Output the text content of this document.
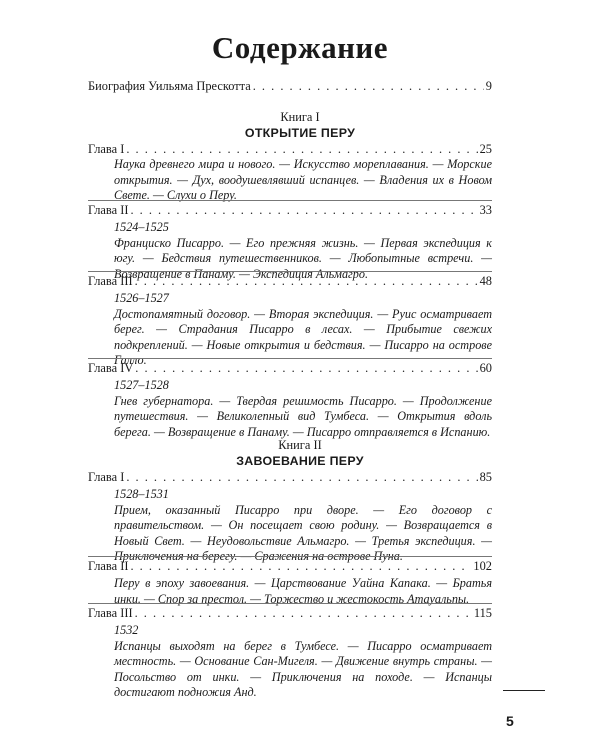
Содержание
Биография Уильяма Прескотта . . .	9
Книга I
ОТКРЫТИЕ ПЕРУ
Глава I . . .	25
Наука древнего мира и нового. — Искусство мореплавания. — Морские открытия. — Дух, воодушевлявший испанцев. — Владения их в Новом Свете. — Слухи о Перу.
Глава II . . .	33
1524–1525
Франциско Писарро. — Его прежняя жизнь. — Первая экспедиция к югу. — Бедствия путешественников. — Любопытные встречи. — Возвращение в Панаму. — Экспедиция Альмагро.
Глава III . . .	48
1526–1527
Достопамятный договор. — Вторая экспедиция. — Руис осматривает берег. — Страдания Писарро в лесах. — Прибытие свежих подкреплений. — Новые открытия и бедствия. — Писарро на острове Галло.
Глава IV . . .	60
1527–1528
Гнев губернатора. — Твердая решимость Писарро. — Продолжение путешествия. — Великолепный вид Тумбеса. — Открытия вдоль берега. — Возвращение в Панаму. — Писарро отправляется в Испанию.
Книга II
ЗАВОЕВАНИЕ ПЕРУ
Глава I . . .	85
1528–1531
Прием, оказанный Писарро при дворе. — Его договор с правительством. — Он посещает свою родину. — Возвращается в Новый Свет. — Неудовольствие Альмагро. — Третья экспедиция. — Приключения на берегу. — Сражения на острове Пуна.
Глава II . . .	102
Перу в эпоху завоевания. — Царствование Уайна Капака. — Братья инки. — Спор за престол. — Торжество и жестокость Атауальпы.
Глава III . . .	115
1532
Испанцы выходят на берег в Тумбесе. — Писарро осматривает местность. — Основание Сан-Мигеля. — Движение внутрь страны. — Посольство от инки. — Приключения на походе. — Испанцы достигают подножия Анд.
5
